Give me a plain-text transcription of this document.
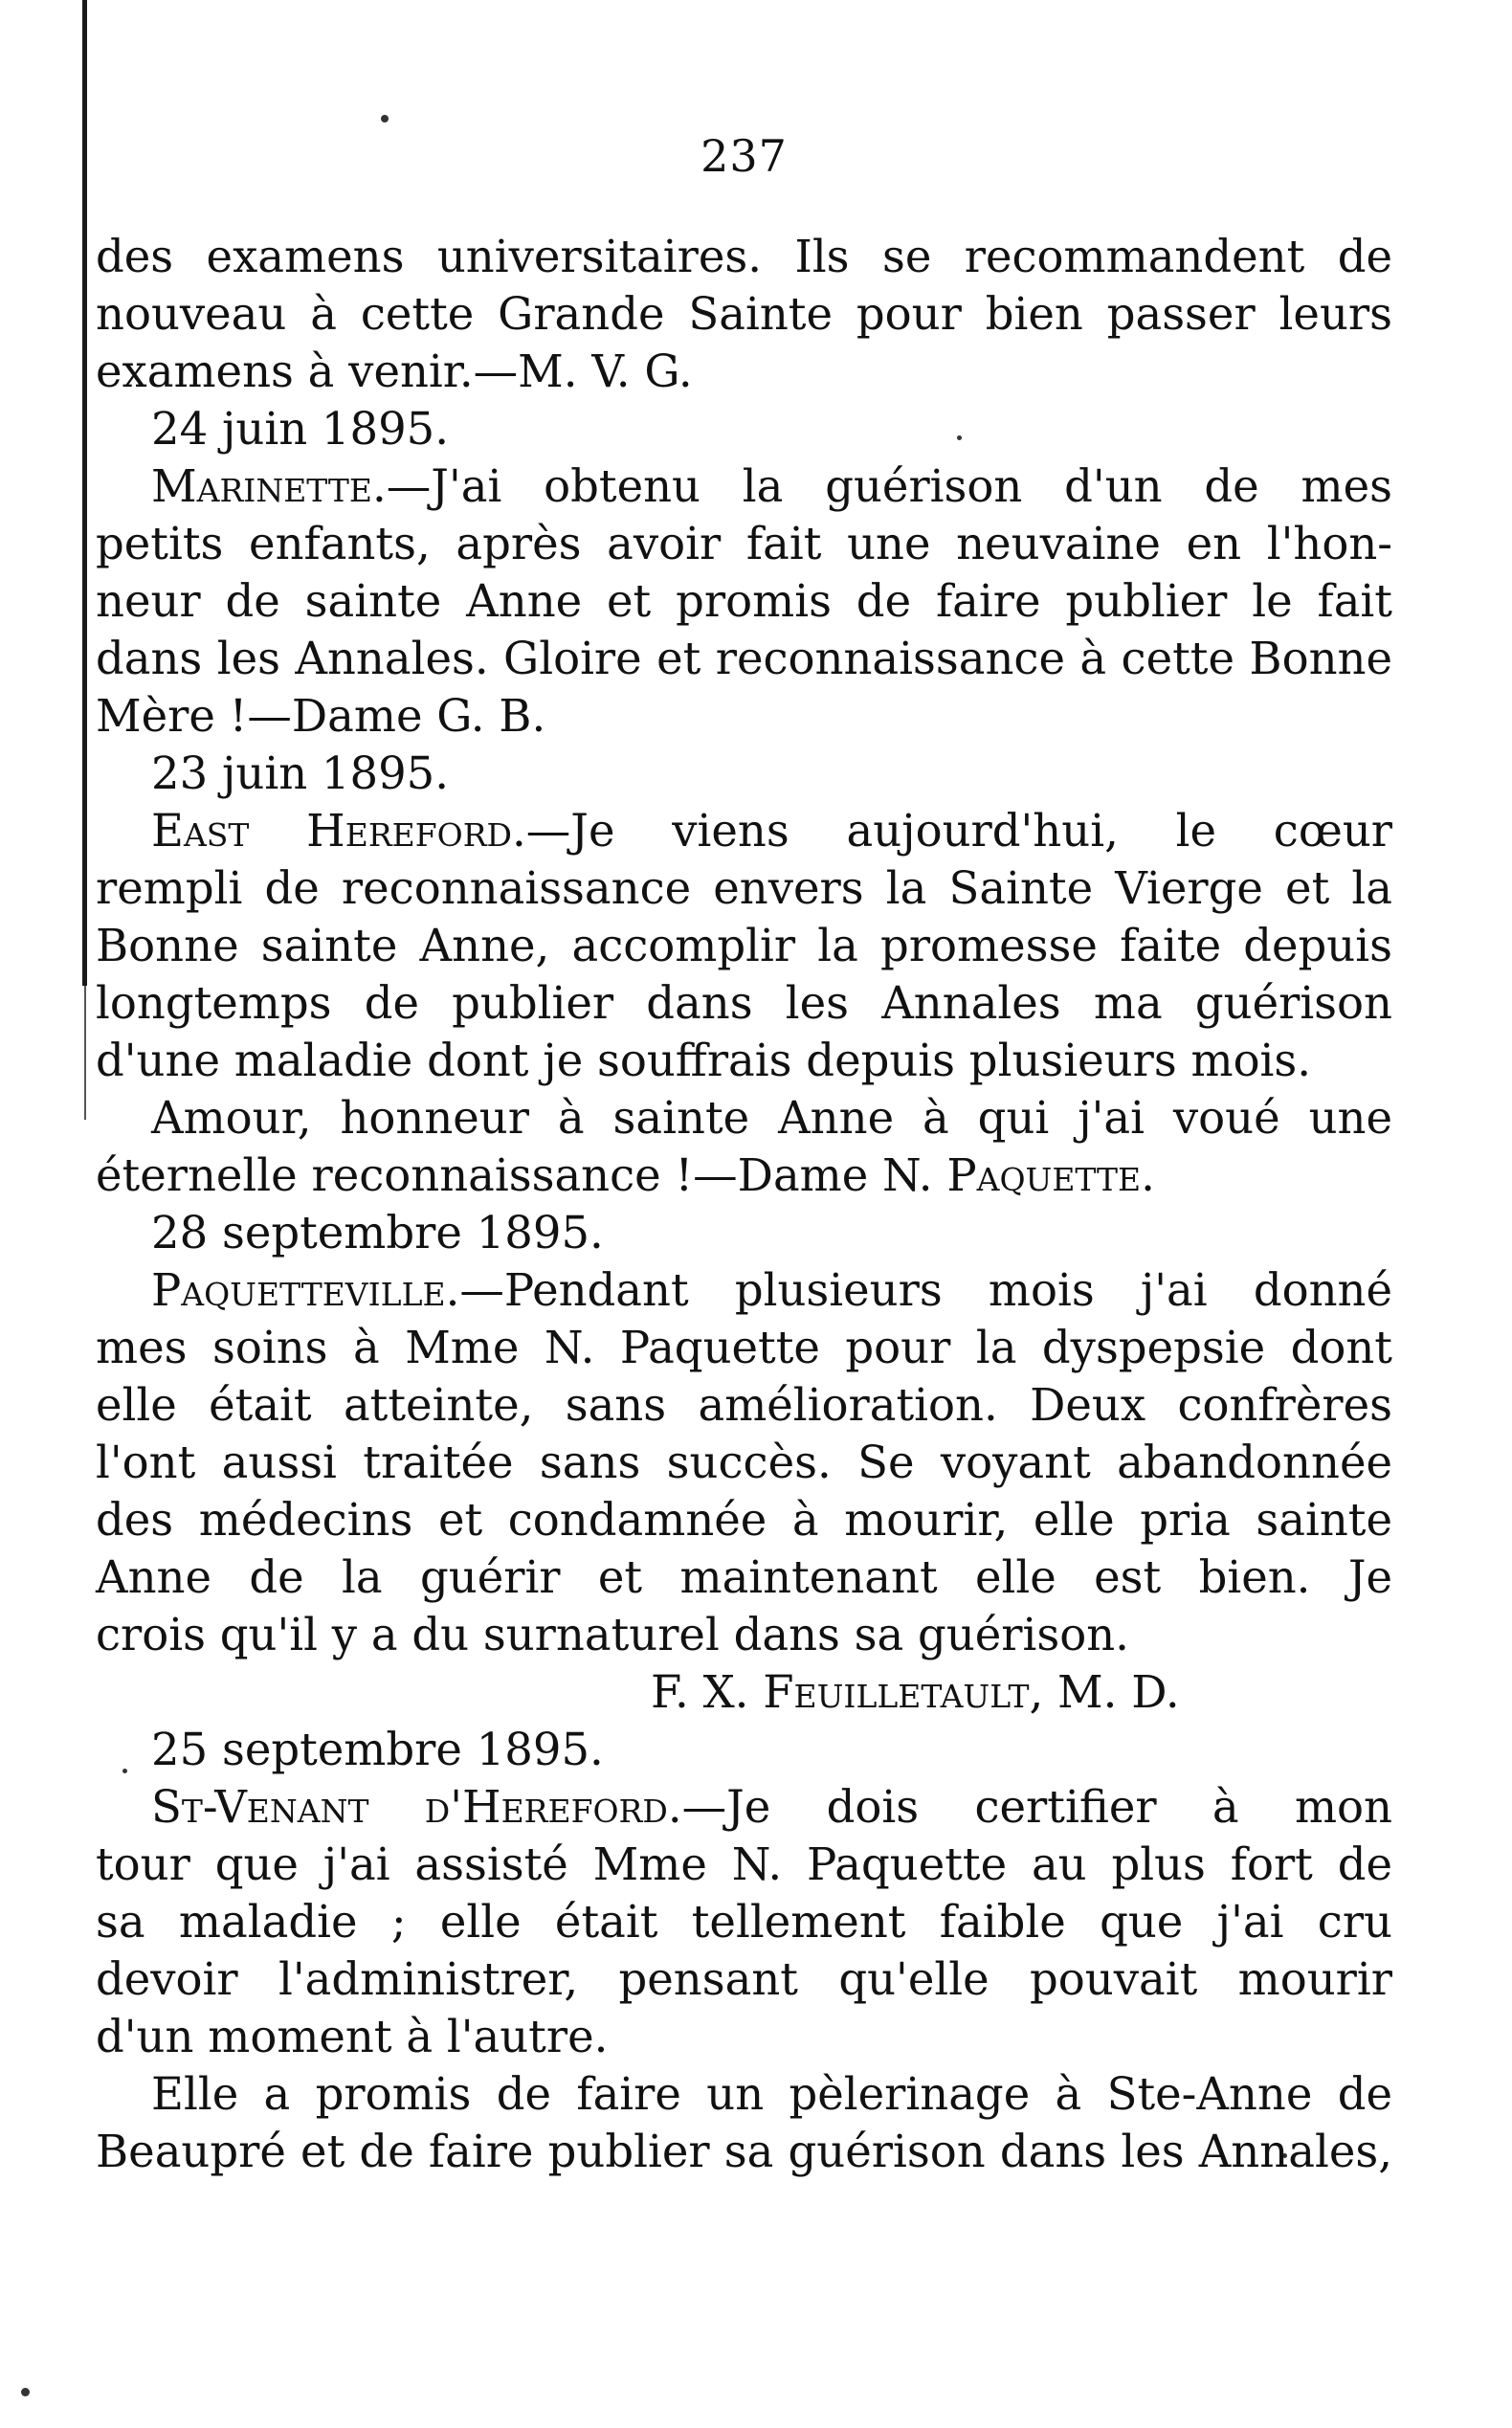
237
des examens universitaires. Ils se recommandent de
nouveau à cette Grande Sainte pour bien passer leurs
examens à venir.—M. V. G.
24 juin 1895.
Marinette.—J'ai obtenu la guérison d'un de mes
petits enfants, après avoir fait une neuvaine en l'hon-
neur de sainte Anne et promis de faire publier le fait
dans les Annales. Gloire et reconnaissance à cette Bonne
Mère !—Dame G. B.
23 juin 1895.
East Hereford.—Je viens aujourd'hui, le cœur
rempli de reconnaissance envers la Sainte Vierge et la
Bonne sainte Anne, accomplir la promesse faite depuis
longtemps de publier dans les Annales ma guérison
d'une maladie dont je souffrais depuis plusieurs mois.
Amour, honneur à sainte Anne à qui j'ai voué une
éternelle reconnaissance !—Dame N. Paquette.
28 septembre 1895.
Paquetteville.—Pendant plusieurs mois j'ai donné
mes soins à Mme N. Paquette pour la dyspepsie dont
elle était atteinte, sans amélioration. Deux confrères
l'ont aussi traitée sans succès. Se voyant abandonnée
des médecins et condamnée à mourir, elle pria sainte
Anne de la guérir et maintenant elle est bien. Je
crois qu'il y a du surnaturel dans sa guérison.
F. X. Feuilletault, M. D.
25 septembre 1895.
St-Venant d'Hereford.—Je dois certifier à mon
tour que j'ai assisté Mme N. Paquette au plus fort de
sa maladie ; elle était tellement faible que j'ai cru
devoir l'administrer, pensant qu'elle pouvait mourir
d'un moment à l'autre.
Elle a promis de faire un pèlerinage à Ste-Anne de
Beaupré et de faire publier sa guérison dans les Annales,
